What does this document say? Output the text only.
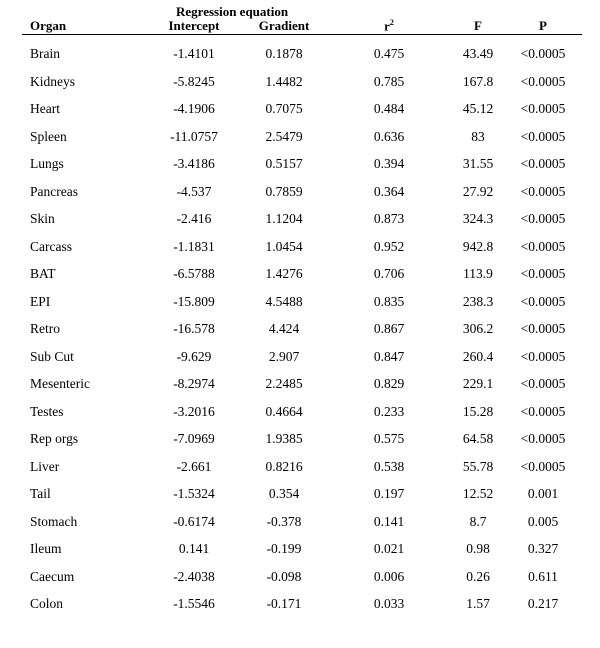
Regression equation
Organ	Intercept	Gradient	$r^2$	F	P
Brain	-1.4101	0.1878	0.475	43.49	<0.0005
Kidneys	-5.8245	1.4482	0.785	167.8	<0.0005
Heart	-4.1906	0.7075	0.484	45.12	<0.0005
Spleen	-11.0757	2.5479	0.636	83	<0.0005
Lungs	-3.4186	0.5157	0.394	31.55	<0.0005
Pancreas	-4.537	0.7859	0.364	27.92	<0.0005
Skin	-2.416	1.1204	0.873	324.3	<0.0005
Carcass	-1.1831	1.0454	0.952	942.8	<0.0005
BAT	-6.5788	1.4276	0.706	113.9	<0.0005
EPI	-15.809	4.5488	0.835	238.3	<0.0005
Retro	-16.578	4.424	0.867	306.2	<0.0005
Sub Cut	-9.629	2.907	0.847	260.4	<0.0005
Mesenteric	-8.2974	2.2485	0.829	229.1	<0.0005
Testes	-3.2016	0.4664	0.233	15.28	<0.0005
Rep orgs	-7.0969	1.9385	0.575	64.58	<0.0005
Liver	-2.661	0.8216	0.538	55.78	<0.0005
Tail	-1.5324	0.354	0.197	12.52	0.001
Stomach	-0.6174	-0.378	0.141	8.7	0.005
Ileum	0.141	-0.199	0.021	0.98	0.327
Caecum	-2.4038	-0.098	0.006	0.26	0.611
Colon	-1.5546	-0.171	0.033	1.57	0.217
